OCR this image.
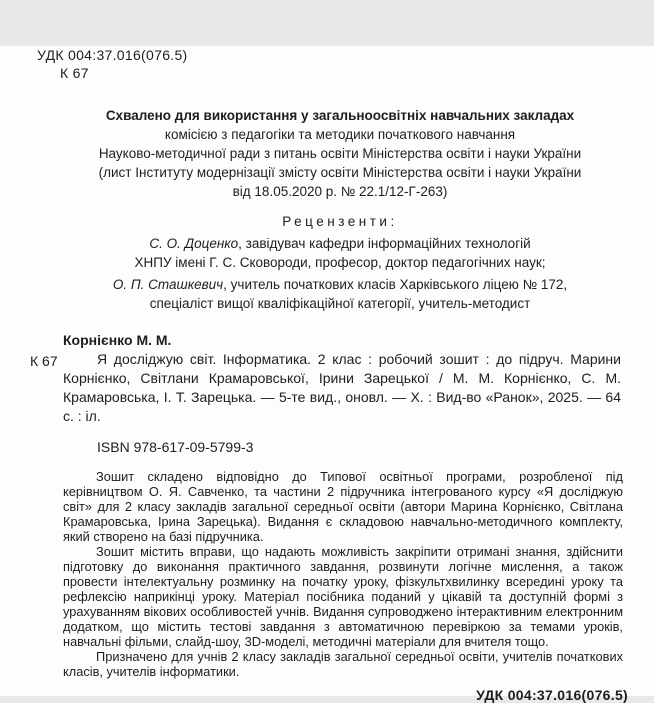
УДК 004:37.016(076.5)
К 67
Схвалено для використання у загальноосвітніх навчальних закладах
комісією з педагогіки та методики початкового навчання
Науково-методичної ради з питань освіти Міністерства освіти і науки України
(лист Інституту модернізації змісту освіти Міністерства освіти і науки України
від 18.05.2020 р. № 22.1/12-Г-263)
Рецензенти:
С. О. Доценко, завідувач кафедри інформаційних технологій
ХНПУ імені Г. С. Сковороди, професор, доктор педагогічних наук;
О. П. Сташкевич, учитель початкових класів Харківського ліцею № 172,
спеціаліст вищої кваліфікаційної категорії, учитель-методист
К 67
Корнієнко М. М.

Я досліджую світ. Інформатика. 2 клас : робочий зошит : до підруч. Марини Корнієнко, Світлани Крамаровської, Ірини Зарецької / М. М. Корнієнко, С. М. Крамаровська, І. Т. Зарецька. — 5-те вид., оновл. — Х. : Вид-во «Ранок», 2025. — 64 с. : іл.

ISBN 978-617-09-5799-3

Зошит складено відповідно до Типової освітньої програми, розробленої під керівництвом О. Я. Савченко, та частини 2 підручника інтегрованого курсу «Я досліджую світ» для 2 класу закладів загальної середньої освіти (автори Марина Корнієнко, Світлана Крамаровська, Ірина Зарецька). Видання є складовою навчально-методичного комплекту, який створено на базі підручника.

Зошит містить вправи, що надають можливість закріпити отримані знання, здійснити підготовку до виконання практичного завдання, розвинути логічне мислення, а також провести інтелектуальну розминку на початку уроку, фізкультхвилинку всередині уроку та рефлексію наприкінці уроку. Матеріал посібника поданий у цікавій та доступній формі з урахуванням вікових особливостей учнів. Видання супроводжено інтерактивним електронним додатком, що містить тестові завдання з автоматичною перевіркою за темами уроків, навчальні фільми, слайд-шоу, 3D-моделі, методичні матеріали для вчителя тощо.

Призначено для учнів 2 класу закладів загальної середньої освіти, учителів початкових класів, учителів інформатики.

УДК 004:37.016(076.5)
